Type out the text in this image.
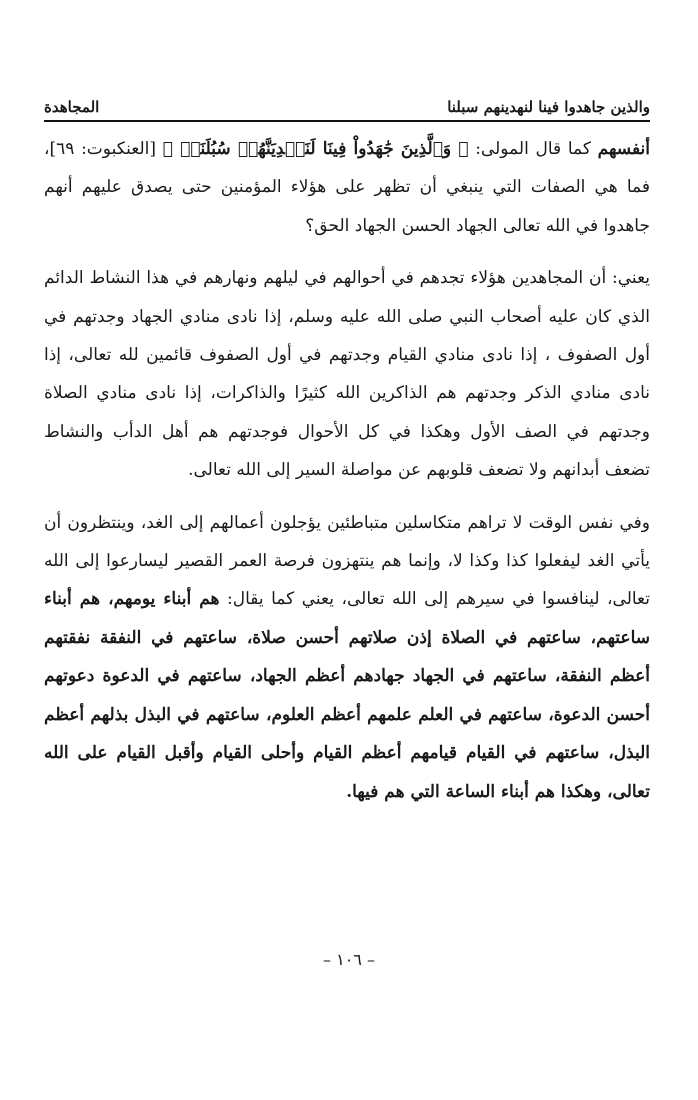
والذين جاهدوا فينا لنهدينهم سبلنا
المجاهدة

أنفسهم كما قال المولى: ﴿ وَٱلَّذِينَ جَٰهَدُواْ فِينَا لَنَهۡدِيَنَّهُمۡ سُبُلَنَاۚ ﴾ [العنكبوت: ٦٩]، فما هي الصفات التي ينبغي أن تظهر على هؤلاء المؤمنين حتى يصدق عليهم أنهم جاهدوا في الله تعالى الجهاد الحسن الجهاد الحق؟

يعني: أن المجاهدين هؤلاء تجدهم في أحوالهم في ليلهم ونهارهم في هذا النشاط الدائم الذي كان عليه أصحاب النبي صلى الله عليه وسلم، إذا نادى منادي الجهاد وجدتهم في أول الصفوف ، إذا نادى منادي القيام وجدتهم في أول الصفوف قائمين لله تعالى، إذا نادى منادي الذكر وجدتهم هم الذاكرين الله كثيرًا والذاكرات، إذا نادى منادي الصلاة وجدتهم في الصف الأول وهكذا في كل الأحوال فوجدتهم هم أهل الدأب والنشاط تضعف أبدانهم ولا تضعف قلوبهم عن مواصلة السير إلى الله تعالى.

وفي نفس الوقت لا تراهم متكاسلين متباطئين يؤجلون أعمالهم إلى الغد، وينتظرون أن يأتي الغد ليفعلوا كذا وكذا لا، وإنما هم ينتهزون فرصة العمر القصير ليسارعوا إلى الله تعالى، لينافسوا في سيرهم إلى الله تعالى، يعني كما يقال: هم أبناء يومهم، هم أبناء ساعتهم، ساعتهم في الصلاة إذن صلاتهم أحسن صلاة، ساعتهم في النفقة نفقتهم أعظم النفقة، ساعتهم في الجهاد جهادهم أعظم الجهاد، ساعتهم في الدعوة دعوتهم أحسن الدعوة، ساعتهم في العلم علمهم أعظم العلوم، ساعتهم في البذل بذلهم أعظم البذل، ساعتهم في القيام قيامهم أعظم القيام وأحلى القيام وأقبل القيام على الله تعالى، وهكذا هم أبناء الساعة التي هم فيها.

– ١٠٦ –
